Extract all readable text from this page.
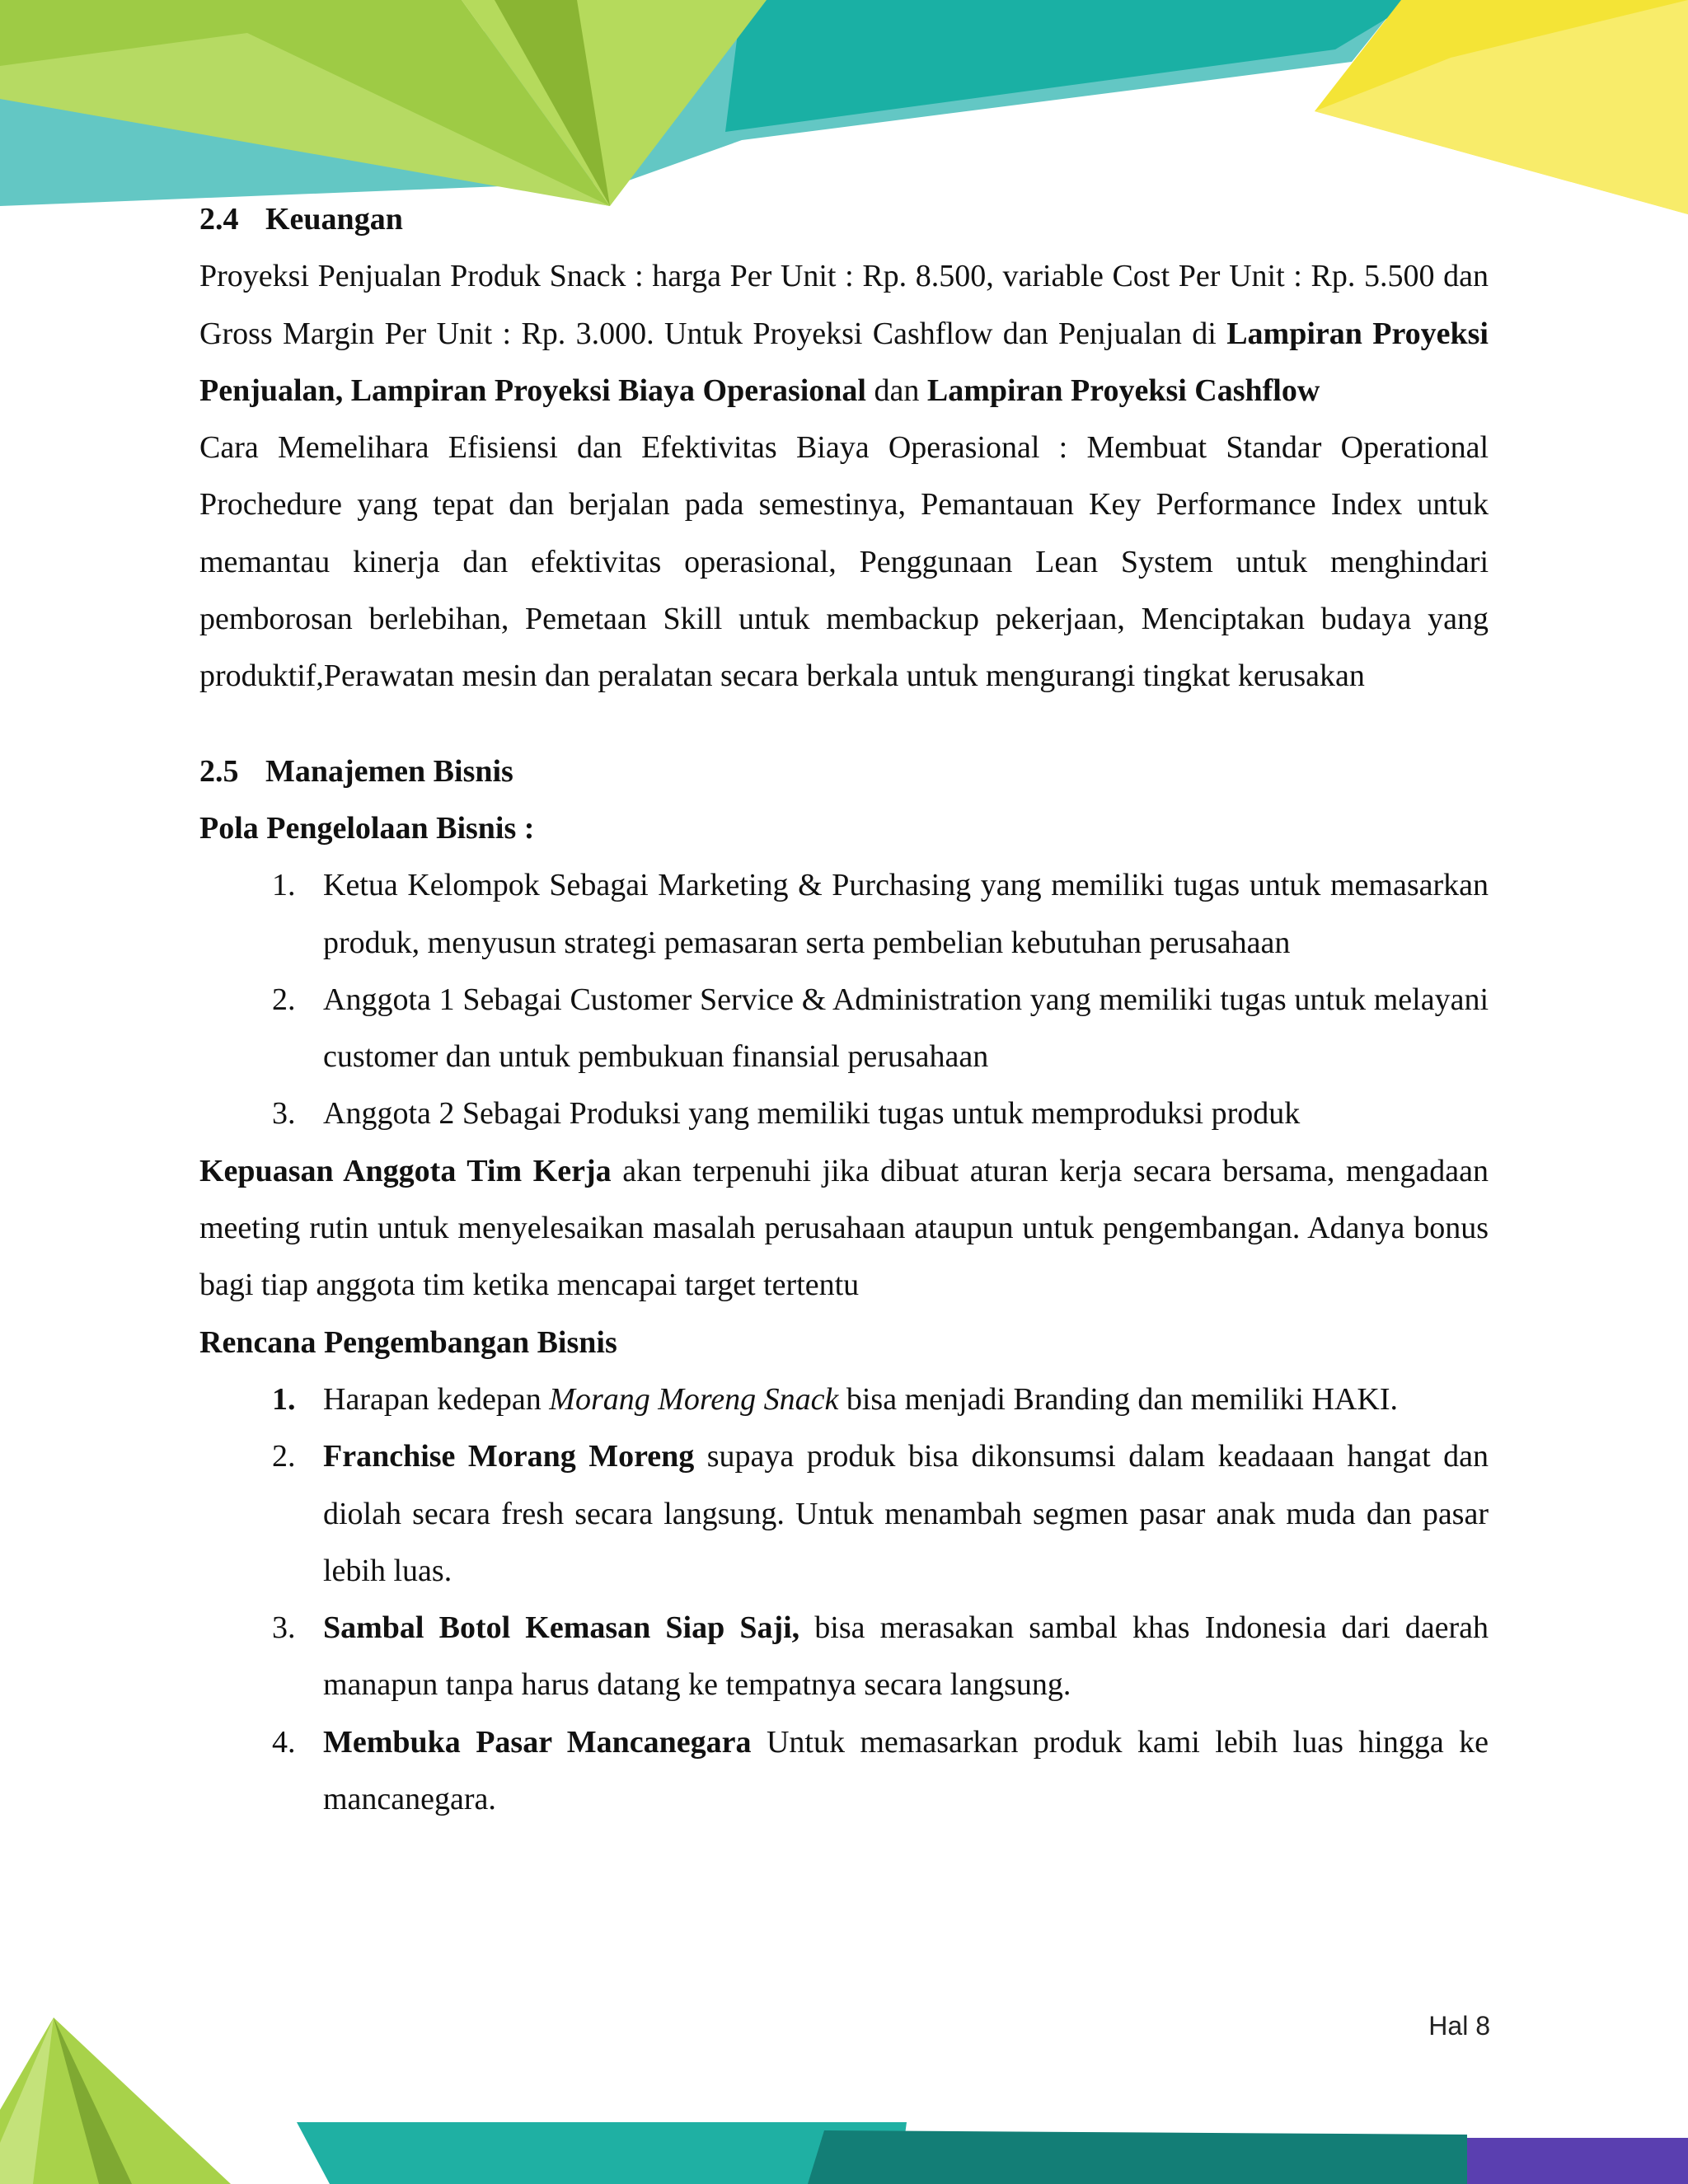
2.4 Keuangan

Proyeksi Penjualan Produk Snack : harga Per Unit : Rp. 8.500, variable Cost Per Unit : Rp. 5.500 dan Gross Margin Per Unit : Rp. 3.000. Untuk Proyeksi Cashflow dan Penjualan di Lampiran Proyeksi Penjualan, Lampiran Proyeksi Biaya Operasional dan Lampiran Proyeksi Cashflow

Cara Memelihara Efisiensi dan Efektivitas Biaya Operasional : Membuat Standar Operational Prochedure yang tepat dan berjalan pada semestinya, Pemantauan Key Performance Index untuk memantau kinerja dan efektivitas operasional, Penggunaan Lean System untuk menghindari pemborosan berlebihan, Pemetaan Skill untuk membackup pekerjaan, Menciptakan budaya yang produktif,Perawatan mesin dan peralatan secara berkala untuk mengurangi tingkat kerusakan

2.5 Manajemen Bisnis

Pola Pengelolaan Bisnis :

1. Ketua Kelompok Sebagai Marketing & Purchasing yang memiliki tugas untuk memasarkan produk, menyusun strategi pemasaran serta pembelian kebutuhan perusahaan

2. Anggota 1 Sebagai Customer Service & Administration yang memiliki tugas untuk melayani customer dan untuk pembukuan finansial perusahaan

3. Anggota 2 Sebagai Produksi yang memiliki tugas untuk memproduksi produk

Kepuasan Anggota Tim Kerja akan terpenuhi jika dibuat aturan kerja secara bersama, mengadaan meeting rutin untuk menyelesaikan masalah perusahaan ataupun untuk pengembangan. Adanya bonus bagi tiap anggota tim ketika mencapai target tertentu

Rencana Pengembangan Bisnis

1. Harapan kedepan Morang Moreng Snack bisa menjadi Branding dan memiliki HAKI.

2. Franchise Morang Moreng supaya produk bisa dikonsumsi dalam keadaaan hangat dan diolah secara fresh secara langsung. Untuk menambah segmen pasar anak muda dan pasar lebih luas.

3. Sambal Botol Kemasan Siap Saji, bisa merasakan sambal khas Indonesia dari daerah manapun tanpa harus datang ke tempatnya secara langsung.

4. Membuka Pasar Mancanegara Untuk memasarkan produk kami lebih luas hingga ke mancanegara.

Hal 8
